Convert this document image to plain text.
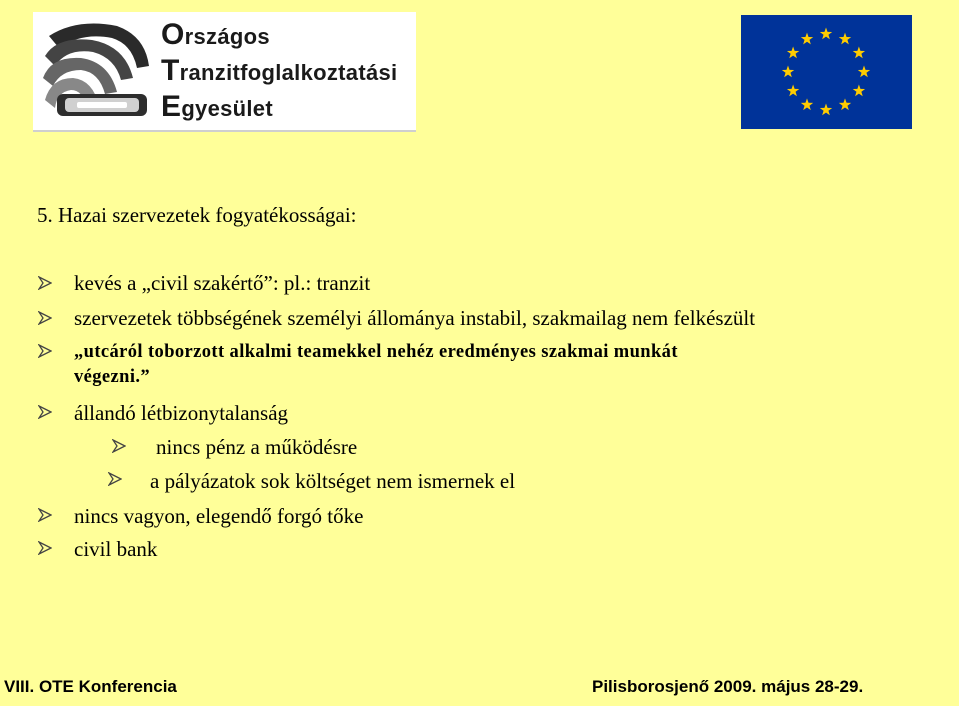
Országos
Tranzitfoglalkoztatási
Egyesület
5. Hazai szervezetek fogyatékosságai:
kevés a „civil szakértő”: pl.: tranzit
szervezetek többségének személyi állománya instabil, szakmailag nem felkészült
„utcáról toborzott alkalmi teamekkel nehéz eredményes szakmai munkát
végezni.”
állandó létbizonytalanság
nincs pénz a működésre
a pályázatok sok költséget nem ismernek el
nincs vagyon, elegendő forgó tőke
civil bank
VIII. OTE Konferencia	Pilisborosjenő 2009. május 28-29.
